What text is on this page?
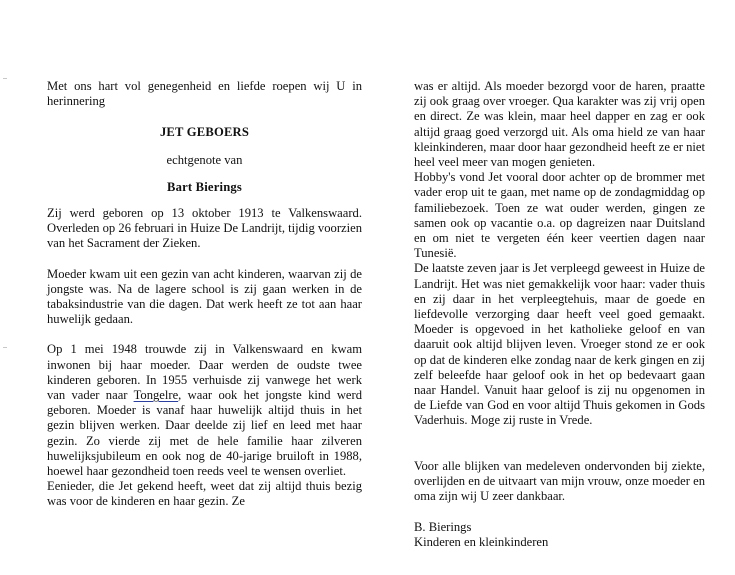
Met ons hart vol genegenheid en liefde roepen wij U in herinnering

JET GEBOERS

echtgenote van

Bart Bierings

Zij werd geboren op 13 oktober 1913 te Valkenswaard. Overleden op 26 februari in Huize De Landrijt, tijdig voorzien van het Sacrament der Zieken.

Moeder kwam uit een gezin van acht kinderen, waarvan zij de jongste was. Na de lagere school is zij gaan werken in de tabaksindustrie van die dagen. Dat werk heeft ze tot aan haar huwelijk gedaan.

Op 1 mei 1948 trouwde zij in Valkenswaard en kwam inwonen bij haar moeder. Daar werden de oudste twee kinderen geboren. In 1955 verhuisde zij vanwege het werk van vader naar Tongelre, waar ook het jongste kind werd geboren. Moeder is vanaf haar huwelijk altijd thuis in het gezin blijven werken. Daar deelde zij lief en leed met haar gezin. Zo vierde zij met de hele familie haar zilveren huwelijksjubileum en ook nog de 40-jarige bruiloft in 1988, hoewel haar gezondheid toen reeds veel te wensen overliet.

Eenieder, die Jet gekend heeft, weet dat zij altijd thuis bezig was voor de kinderen en haar gezin. Ze

was er altijd. Als moeder bezorgd voor de haren, praatte zij ook graag over vroeger. Qua karakter was zij vrij open en direct. Ze was klein, maar heel dapper en zag er ook altijd graag goed verzorgd uit. Als oma hield ze van haar kleinkinderen, maar door haar gezondheid heeft ze er niet heel veel meer van mogen genieten.

Hobby's vond Jet vooral door achter op de brommer met vader erop uit te gaan, met name op de zondagmiddag op familiebezoek. Toen ze wat ouder werden, gingen ze samen ook op vacantie o.a. op dagreizen naar Duitsland en om niet te vergeten één keer veertien dagen naar Tunesië.

De laatste zeven jaar is Jet verpleegd geweest in Huize de Landrijt. Het was niet gemakkelijk voor haar: vader thuis en zij daar in het verpleegtehuis, maar de goede en liefdevolle verzorging daar heeft veel goed gemaakt. Moeder is opgevoed in het katholieke geloof en van daaruit ook altijd blijven leven. Vroeger stond ze er ook op dat de kinderen elke zondag naar de kerk gingen en zij zelf beleefde haar geloof ook in het op bedevaart gaan naar Handel. Vanuit haar geloof is zij nu opgenomen in de Liefde van God en voor altijd Thuis gekomen in Gods Vaderhuis. Moge zij ruste in Vrede.

Voor alle blijken van medeleven ondervonden bij ziekte, overlijden en de uitvaart van mijn vrouw, onze moeder en oma zijn wij U zeer dankbaar.

B. Bierings

Kinderen en kleinkinderen
